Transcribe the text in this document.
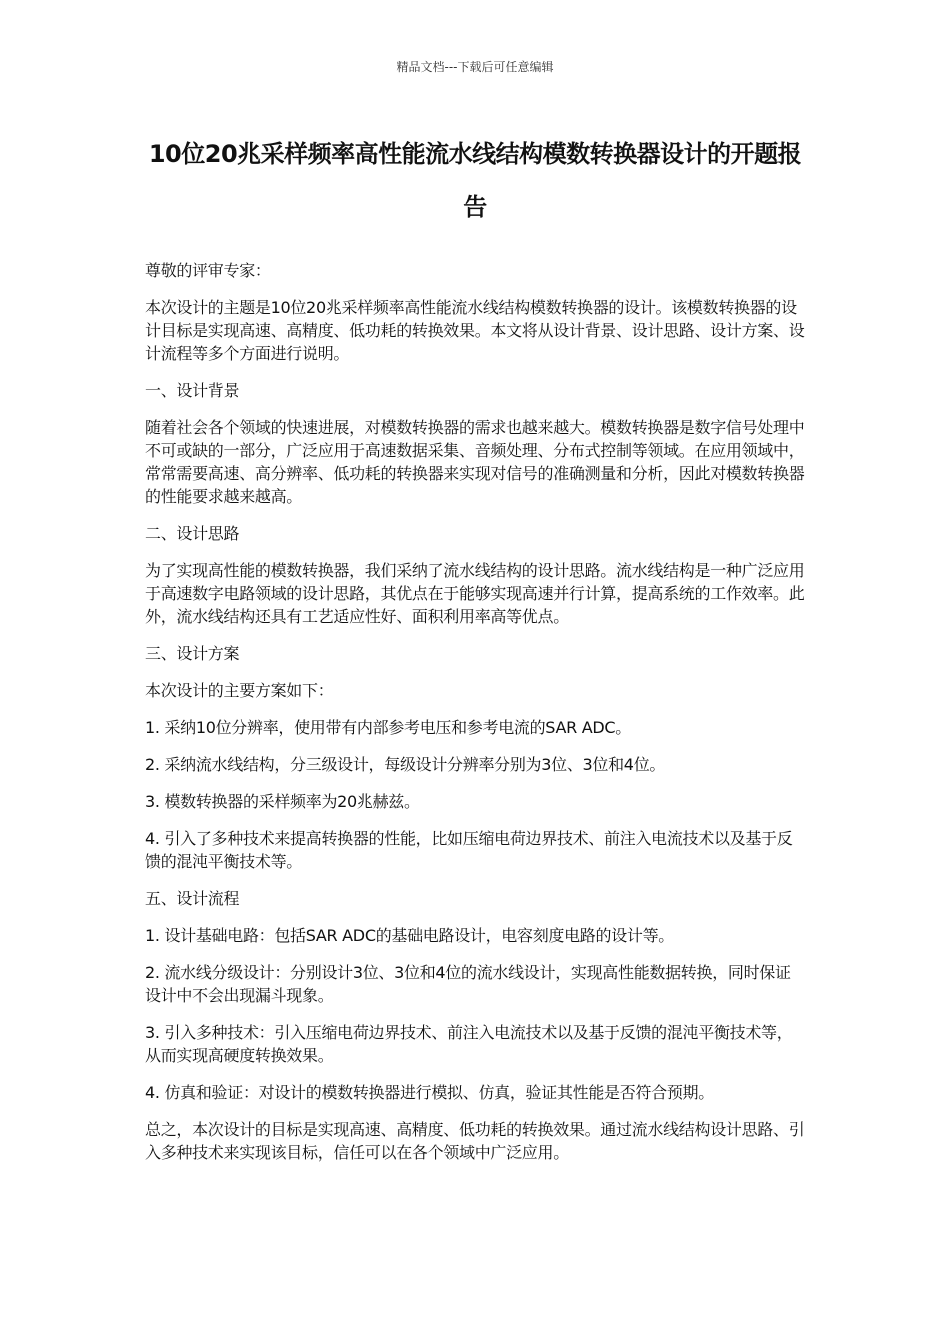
精品文档---下载后可任意编辑
10位20兆采样频率高性能流水线结构模数转换器设计的开题报告

尊敬的评审专家：

本次设计的主题是10位20兆采样频率高性能流水线结构模数转换器的设计。该模数转换器的设计目标是实现高速、高精度、低功耗的转换效果。本文将从设计背景、设计思路、设计方案、设计流程等多个方面进行说明。

一、设计背景

随着社会各个领域的快速进展，对模数转换器的需求也越来越大。模数转换器是数字信号处理中不可或缺的一部分，广泛应用于高速数据采集、音频处理、分布式控制等领域。在应用领域中，常常需要高速、高分辨率、低功耗的转换器来实现对信号的准确测量和分析，因此对模数转换器的性能要求越来越高。

二、设计思路

为了实现高性能的模数转换器，我们采纳了流水线结构的设计思路。流水线结构是一种广泛应用于高速数字电路领域的设计思路，其优点在于能够实现高速并行计算，提高系统的工作效率。此外，流水线结构还具有工艺适应性好、面积利用率高等优点。

三、设计方案

本次设计的主要方案如下：

1. 采纳10位分辨率，使用带有内部参考电压和参考电流的SAR ADC。

2. 采纳流水线结构，分三级设计，每级设计分辨率分别为3位、3位和4位。

3. 模数转换器的采样频率为20兆赫兹。

4. 引入了多种技术来提高转换器的性能，比如压缩电荷边界技术、前注入电流技术以及基于反馈的混沌平衡技术等。

五、设计流程

1. 设计基础电路：包括SAR ADC的基础电路设计，电容刻度电路的设计等。

2. 流水线分级设计：分别设计3位、3位和4位的流水线设计，实现高性能数据转换，同时保证设计中不会出现漏斗现象。

3. 引入多种技术：引入压缩电荷边界技术、前注入电流技术以及基于反馈的混沌平衡技术等，从而实现高硬度转换效果。

4. 仿真和验证：对设计的模数转换器进行模拟、仿真，验证其性能是否符合预期。

总之，本次设计的目标是实现高速、高精度、低功耗的转换效果。通过流水线结构设计思路、引入多种技术来实现该目标，信任可以在各个领域中广泛应用。
